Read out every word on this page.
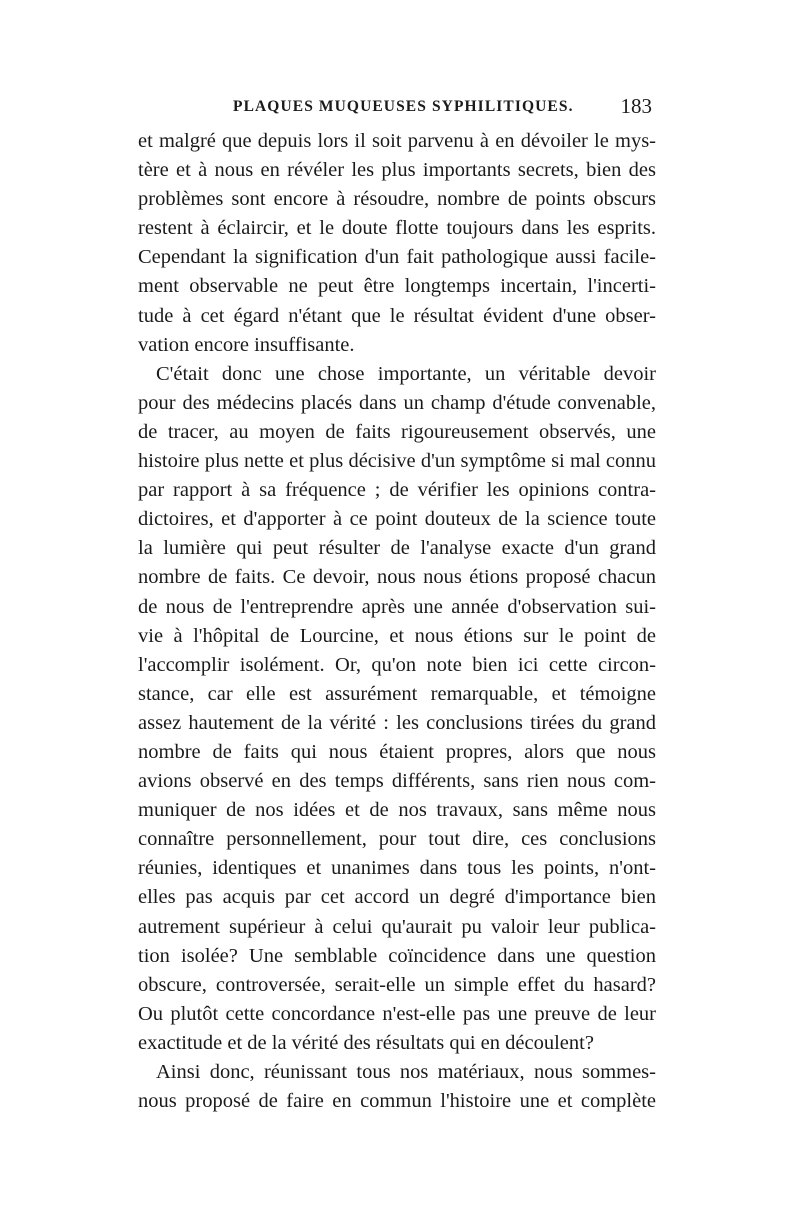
PLAQUES MUQUEUSES SYPHILITIQUES. 183
et malgré que depuis lors il soit parvenu à en dévoiler le mys-
tère et à nous en révéler les plus importants secrets, bien des
problèmes sont encore à résoudre, nombre de points obscurs
restent à éclaircir, et le doute flotte toujours dans les esprits.
Cependant la signification d'un fait pathologique aussi facile-
ment observable ne peut être longtemps incertain, l'incerti-
tude à cet égard n'étant que le résultat évident d'une obser-
vation encore insuffisante.
C'était donc une chose importante, un véritable devoir
pour des médecins placés dans un champ d'étude convenable,
de tracer, au moyen de faits rigoureusement observés, une
histoire plus nette et plus décisive d'un symptôme si mal connu
par rapport à sa fréquence ; de vérifier les opinions contra-
dictoires, et d'apporter à ce point douteux de la science toute
la lumière qui peut résulter de l'analyse exacte d'un grand
nombre de faits. Ce devoir, nous nous étions proposé chacun
de nous de l'entreprendre après une année d'observation sui-
vie à l'hôpital de Lourcine, et nous étions sur le point de
l'accomplir isolément. Or, qu'on note bien ici cette circon-
stance, car elle est assurément remarquable, et témoigne
assez hautement de la vérité : les conclusions tirées du grand
nombre de faits qui nous étaient propres, alors que nous
avions observé en des temps différents, sans rien nous com-
muniquer de nos idées et de nos travaux, sans même nous
connaître personnellement, pour tout dire, ces conclusions
réunies, identiques et unanimes dans tous les points, n'ont-
elles pas acquis par cet accord un degré d'importance bien
autrement supérieur à celui qu'aurait pu valoir leur publica-
tion isolée? Une semblable coïncidence dans une question
obscure, controversée, serait-elle un simple effet du hasard?
Ou plutôt cette concordance n'est-elle pas une preuve de leur
exactitude et de la vérité des résultats qui en découlent?
Ainsi donc, réunissant tous nos matériaux, nous sommes-
nous proposé de faire en commun l'histoire une et complète
